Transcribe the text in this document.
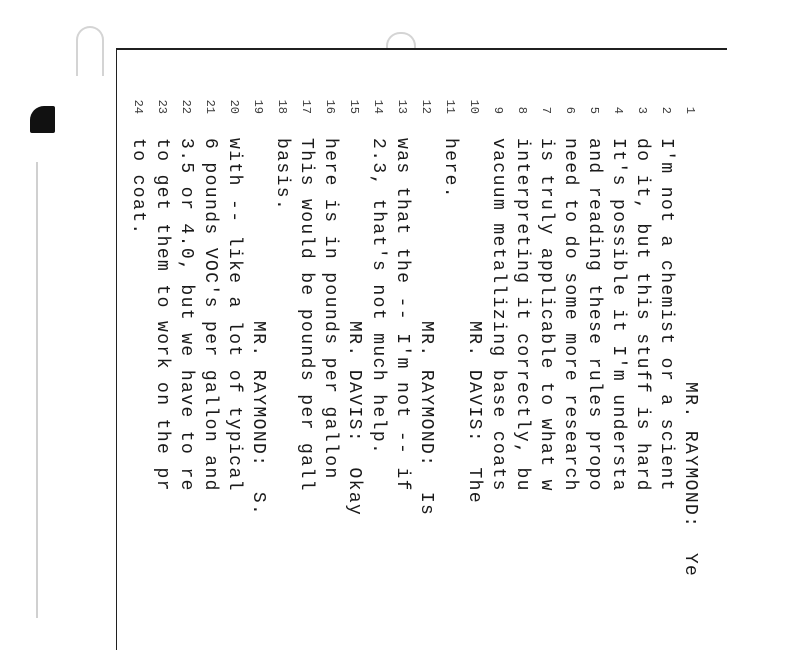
1
MR. RAYMOND:  Ye
2
I'm not a chemist or a scient
3
do it, but this stuff is hard
4
It's possible it I'm understa
5
and reading these rules propo
6
need to do some more research
7
is truly applicable to what w
8
interpreting it correctly, bu
9
vacuum metallizing base coats
10
MR. DAVIS:  The
11
here.
12
MR. RAYMOND:  Is
13
was that the -- I'm not -- if
14
2.3, that's not much help.
15
MR. DAVIS:  Okay
16
here is in pounds per gallon
17
This would be pounds per gall
18
basis.
19
MR. RAYMOND:  S.
20
with -- like a lot of typical
21
6 pounds VOC's per gallon and
22
3.5 or 4.0, but we have to re
23
to get them to work on the pr
24
to coat.
